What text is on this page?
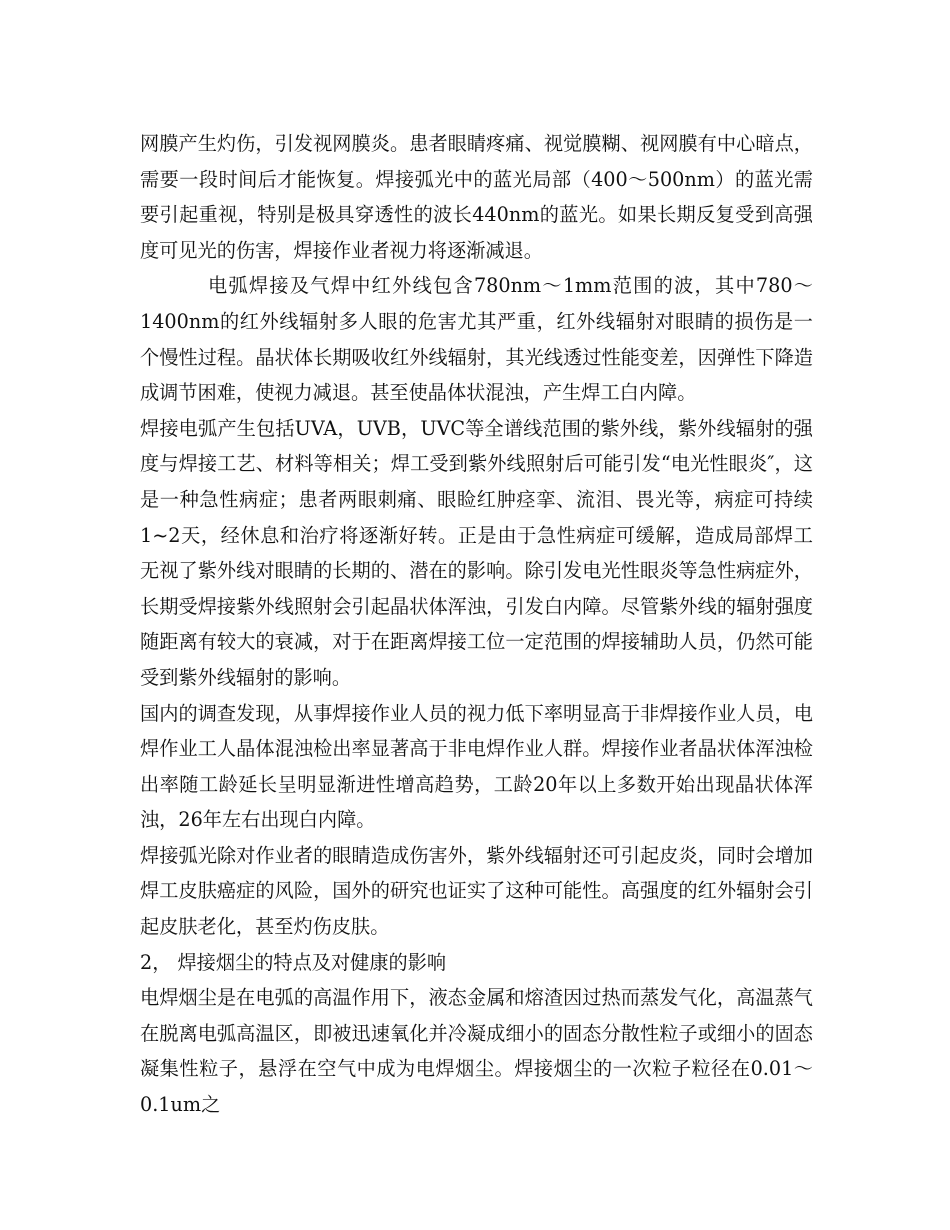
网膜产生灼伤，引发视网膜炎。患者眼睛疼痛、视觉膜糊、视网膜有中心暗点，需要一段时间后才能恢复。焊接弧光中的蓝光局部（400～500nm）的蓝光需要引起重视，特别是极具穿透性的波长440nm的蓝光。如果长期反复受到高强度可见光的伤害，焊接作业者视力将逐渐减退。

电弧焊接及气焊中红外线包含780nm～1mm范围的波，其中780～1400nm的红外线辐射多人眼的危害尤其严重，红外线辐射对眼睛的损伤是一个慢性过程。晶状体长期吸收红外线辐射，其光线透过性能变差，因弹性下降造成调节困难，使视力减退。甚至使晶体状混浊，产生焊工白内障。

焊接电弧产生包括UVA，UVB，UVC等全谱线范围的紫外线，紫外线辐射的强度与焊接工艺、材料等相关；焊工受到紫外线照射后可能引发“电光性眼炎″，这是一种急性病症；患者两眼刺痛、眼睑红肿痉挛、流泪、畏光等，病症可持续1~2天，经休息和治疗将逐渐好转。正是由于急性病症可缓解，造成局部焊工无视了紫外线对眼睛的长期的、潜在的影响。除引发电光性眼炎等急性病症外，长期受焊接紫外线照射会引起晶状体浑浊，引发白内障。尽管紫外线的辐射强度随距离有较大的衰减，对于在距离焊接工位一定范围的焊接辅助人员，仍然可能受到紫外线辐射的影响。

国内的调查发现，从事焊接作业人员的视力低下率明显高于非焊接作业人员，电焊作业工人晶体混浊检出率显著高于非电焊作业人群。焊接作业者晶状体浑浊检出率随工龄延长呈明显渐进性增高趋势，工龄20年以上多数开始出现晶状体浑浊，26年左右出现白内障。

焊接弧光除对作业者的眼睛造成伤害外，紫外线辐射还可引起皮炎，同时会增加焊工皮肤癌症的风险，国外的研究也证实了这种可能性。高强度的红外辐射会引起皮肤老化，甚至灼伤皮肤。

2， 焊接烟尘的特点及对健康的影响

电焊烟尘是在电弧的高温作用下，液态金属和熔渣因过热而蒸发气化，高温蒸气在脱离电弧高温区，即被迅速氧化并冷凝成细小的固态分散性粒子或细小的固态凝集性粒子，悬浮在空气中成为电焊烟尘。焊接烟尘的一次粒子粒径在0.01～0.1um之
